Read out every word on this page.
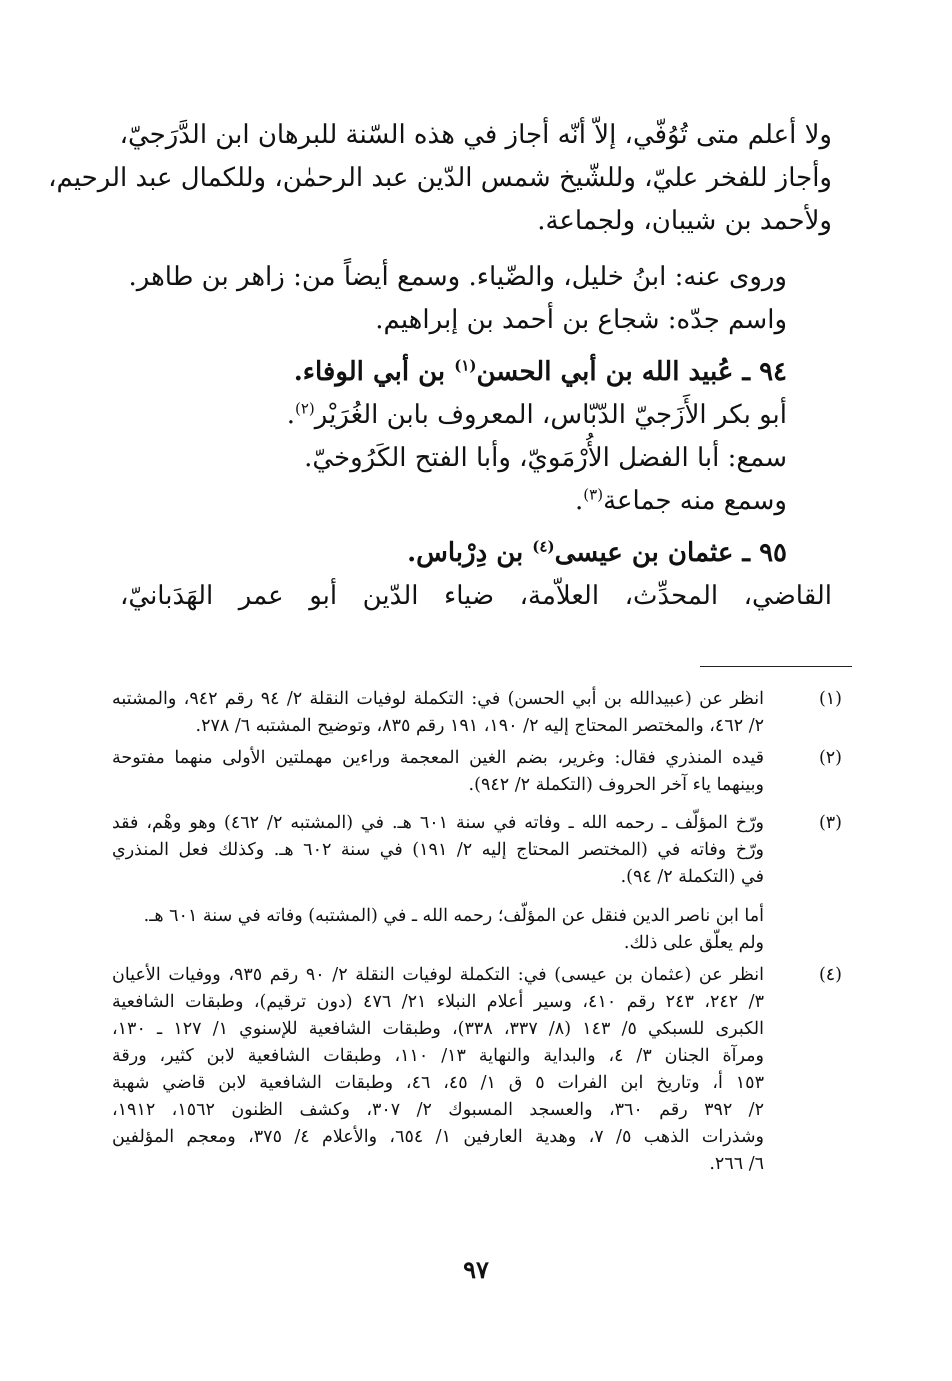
ولا أعلم متى تُوُفّي، إلاّ أنّه أجاز في هذه السّنة للبرهان ابن الدَّرَجيّ،
وأجاز للفخر عليّ، وللشّيخ شمس الدّين عبد الرحمٰن، وللكمال عبد الرحيم،
ولأحمد بن شيبان، ولجماعة.
وروى عنه: ابنُ خليل، والضّياء. وسمع أيضاً من: زاهر بن طاهر.
واسم جدّه: شجاع بن أحمد بن إبراهيم.
٩٤ ـ عُبيد الله بن أبي الحسن$^{(١)}$ بن أبي الوفاء.
أبو بكر الأَزَجيّ الدّبّاس، المعروف بابن الغُرَيْر$^{(٢)}$.
سمع: أبا الفضل الأُرْمَويّ، وأبا الفتح الكَرُوخيّ.
وسمع منه جماعة$^{(٣)}$.
٩٥ ـ عثمان بن عيسى$^{(٤)}$ بن دِرْباس.
القاضي، المحدِّث، العلاّمة، ضياء الدّين أبو عمر الهَدَبانيّ،
(١)
انظر عن (عبيدالله بن أبي الحسن) في: التكملة لوفيات النقلة ٢/ ٩٤ رقم ٩٤٢، والمشتبه
٢/ ٤٦٢، والمختصر المحتاج إليه ٢/ ١٩٠، ١٩١ رقم ٨٣٥، وتوضيح المشتبه ٦/ ٢٧٨.
(٢)
قيده المنذري فقال: وغرير، بضم الغين المعجمة وراءين مهملتين الأولى منهما مفتوحة
وبينهما ياء آخر الحروف (التكملة ٢/ ٩٤٢).
(٣)
ورّخ المؤلّف ـ رحمه الله ـ وفاته في سنة ٦٠١ هـ. في (المشتبه ٢/ ٤٦٢) وهو وهْم، فقد
ورّخ وفاته في (المختصر المحتاج إليه ٢/ ١٩١) في سنة ٦٠٢ هـ. وكذلك فعل المنذري
في (التكملة ٢/ ٩٤).
أما ابن ناصر الدين فنقل عن المؤلّف؛ رحمه الله ـ في (المشتبه) وفاته في سنة ٦٠١ هـ.
ولم يعلّق على ذلك.
(٤)
انظر عن (عثمان بن عيسى) في: التكملة لوفيات النقلة ٢/ ٩٠ رقم ٩٣٥، ووفيات الأعيان
٣/ ٢٤٢، ٢٤٣ رقم ٤١٠، وسير أعلام النبلاء ٢١/ ٤٧٦ (دون ترقيم)، وطبقات الشافعية
الكبرى للسبكي ٥/ ١٤٣ (٨/ ٣٣٧، ٣٣٨)، وطبقات الشافعية للإسنوي ١/ ١٢٧ ـ ١٣٠،
ومرآة الجنان ٣/ ٤، والبداية والنهاية ١٣/ ١١٠، وطبقات الشافعية لابن كثير، ورقة
١٥٣ أ، وتاريخ ابن الفرات ٥ ق ١/ ٤٥، ٤٦، وطبقات الشافعية لابن قاضي شهبة
٢/ ٣٩٢ رقم ٣٦٠، والعسجد المسبوك ٢/ ٣٠٧، وكشف الظنون ١٥٦٢، ١٩١٢،
وشذرات الذهب ٥/ ٧، وهدية العارفين ١/ ٦٥٤، والأعلام ٤/ ٣٧٥، ومعجم المؤلفين
٦/ ٢٦٦.
٩٧
